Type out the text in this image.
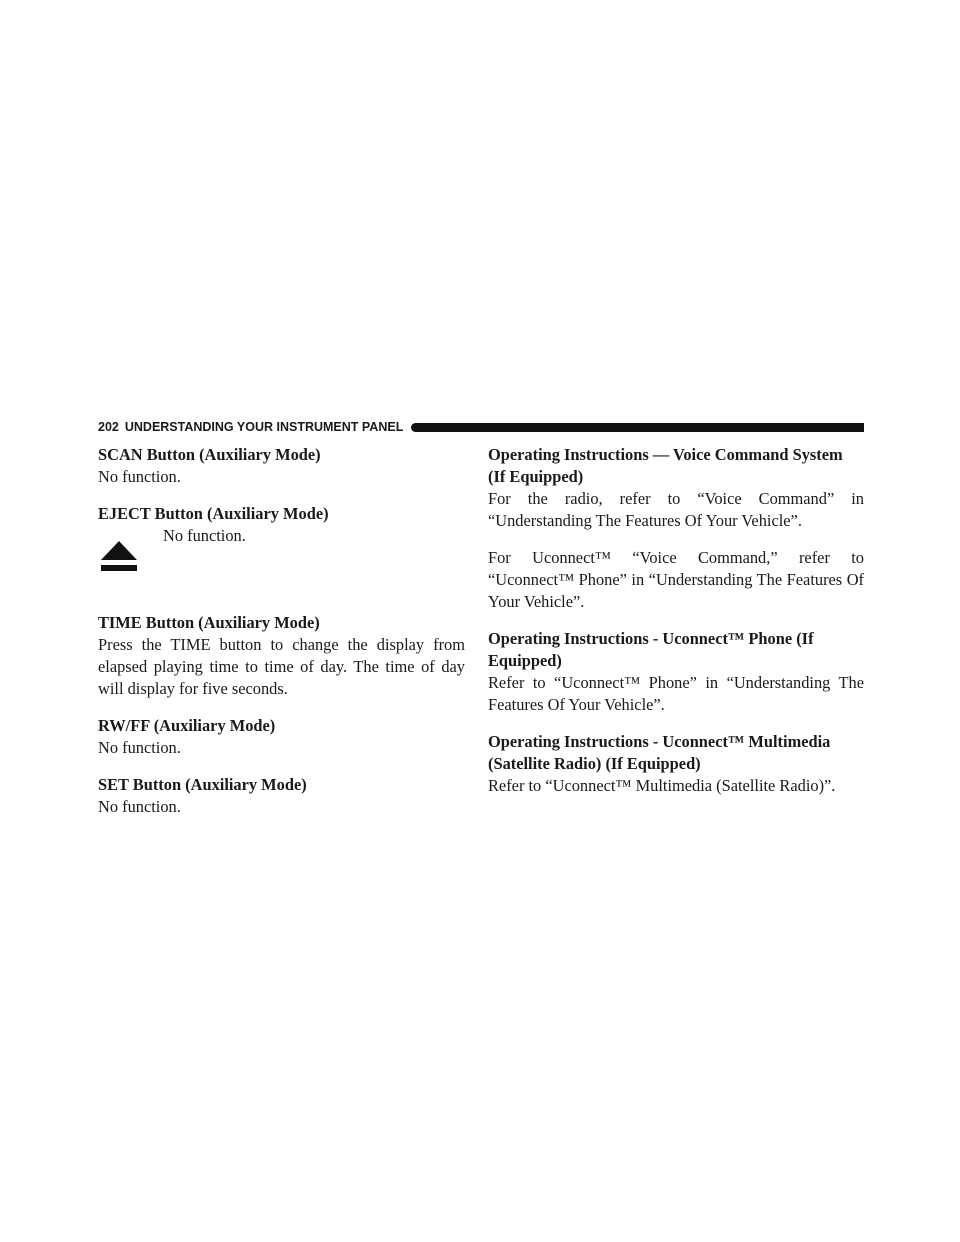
202 UNDERSTANDING YOUR INSTRUMENT PANEL

SCAN Button (Auxiliary Mode)

No function.

EJECT Button (Auxiliary Mode)

No function.

TIME Button (Auxiliary Mode)

Press the TIME button to change the display from elapsed playing time to time of day. The time of day will display for five seconds.

RW/FF (Auxiliary Mode)

No function.

SET Button (Auxiliary Mode)

No function.

Operating Instructions — Voice Command System (If Equipped)

For the radio, refer to “Voice Command” in “Understanding The Features Of Your Vehicle”.

For Uconnect™ “Voice Command,” refer to “Uconnect™ Phone” in “Understanding The Features Of Your Vehicle”.

Operating Instructions - Uconnect™ Phone (If Equipped)

Refer to “Uconnect™ Phone” in “Understanding The Features Of Your Vehicle”.

Operating Instructions - Uconnect™ Multimedia (Satellite Radio) (If Equipped)

Refer to “Uconnect™ Multimedia (Satellite Radio)”.
